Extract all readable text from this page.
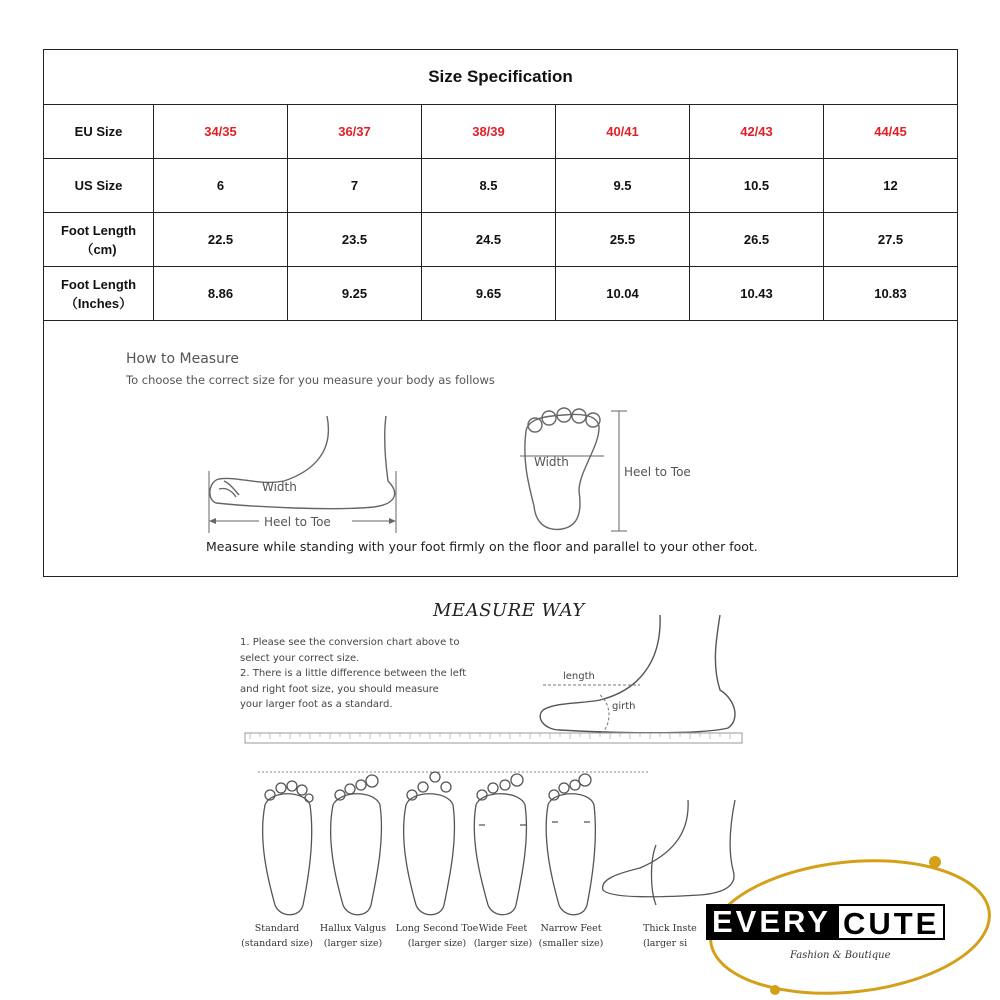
Size Specification						
EU Size	34/35	36/37	38/39	40/41	42/43	44/45
US Size	6	7	8.5	9.5	10.5	12
Foot Length
（cm)	22.5	23.5	24.5	25.5	26.5	27.5
Foot Length
（Inches）	8.86	9.25	9.65	10.04	10.43	10.83
How to Measure
To choose the correct size for you measure your body as follows
Width
Heel to Toe
Width
Heel to Toe
Measure while standing with your foot firmly on the floor and parallel to your other foot.
MEASURE WAY
1. Please see the conversion chart above to
select your correct size.
2. There is a little difference between the left
and right foot size, you should measure
your larger foot as a standard.
length
girth
Standard
(standard size)
Hallux Valgus
(larger size)
Long Second Toe
(larger size)
Wide Feet
(larger size)
Narrow Feet
(smaller size)
Thick Inste
(larger si
EVERY CUTE
Fashion & Boutique
